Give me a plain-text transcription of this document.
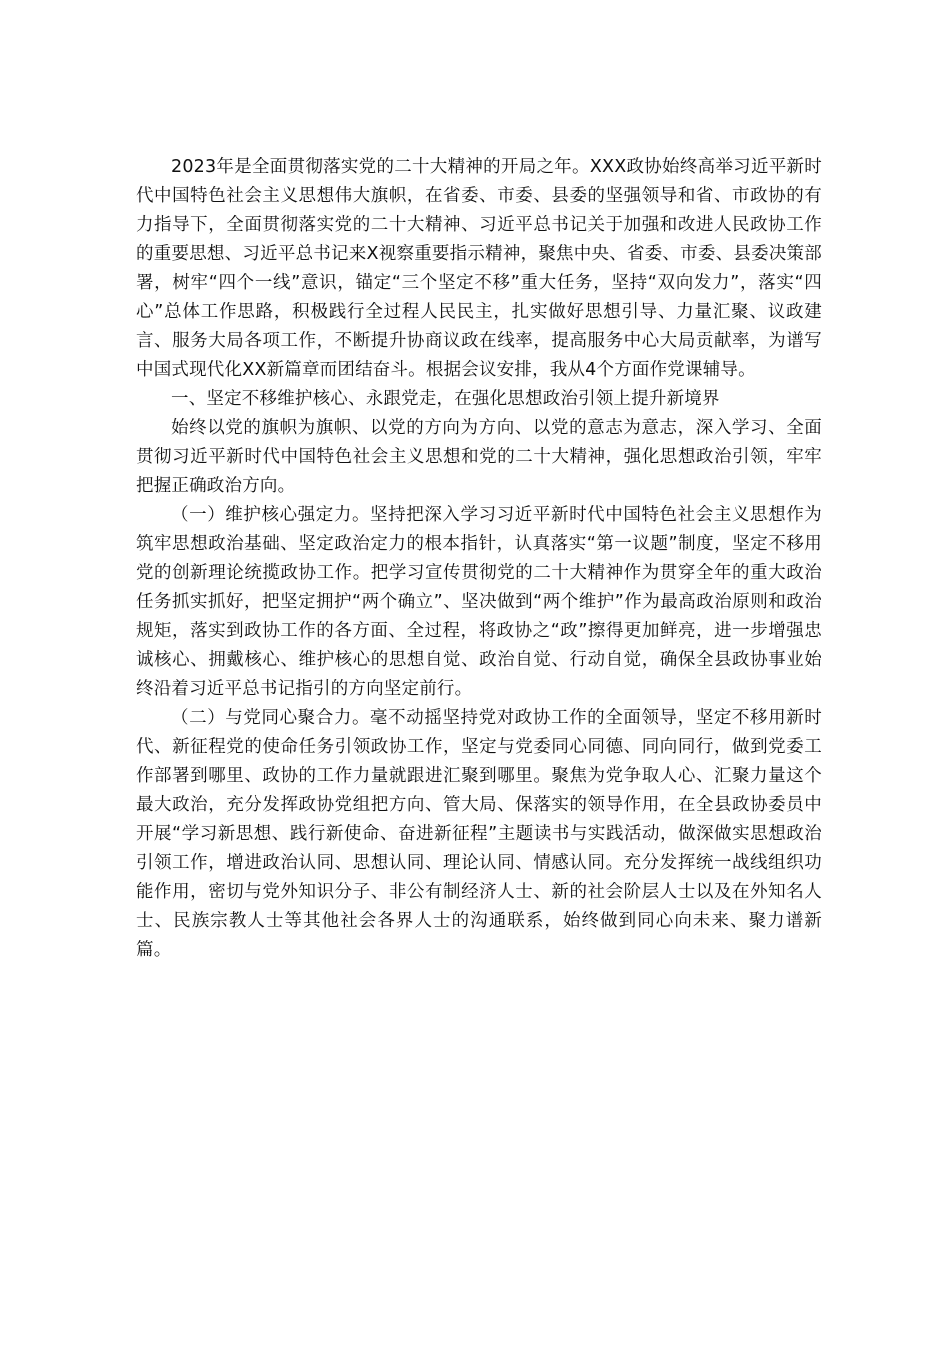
2023年是全面贯彻落实党的二十大精神的开局之年。XXX政协始终高举习近平新时代中国特色社会主义思想伟大旗帜，在省委、市委、县委的坚强领导和省、市政协的有力指导下，全面贯彻落实党的二十大精神、习近平总书记关于加强和改进人民政协工作的重要思想、习近平总书记来X视察重要指示精神，聚焦中央、省委、市委、县委决策部署，树牢“四个一线”意识，锚定“三个坚定不移”重大任务，坚持“双向发力”，落实“四心”总体工作思路，积极践行全过程人民民主，扎实做好思想引导、力量汇聚、议政建言、服务大局各项工作，不断提升协商议政在线率，提高服务中心大局贡献率，为谱写中国式现代化XX新篇章而团结奋斗。根据会议安排，我从4个方面作党课辅导。

一、坚定不移维护核心、永跟党走，在强化思想政治引领上提升新境界

始终以党的旗帜为旗帜、以党的方向为方向、以党的意志为意志，深入学习、全面贯彻习近平新时代中国特色社会主义思想和党的二十大精神，强化思想政治引领，牢牢把握正确政治方向。

（一）维护核心强定力。坚持把深入学习习近平新时代中国特色社会主义思想作为筑牢思想政治基础、坚定政治定力的根本指针，认真落实“第一议题”制度，坚定不移用党的创新理论统揽政协工作。把学习宣传贯彻党的二十大精神作为贯穿全年的重大政治任务抓实抓好，把坚定拥护“两个确立”、坚决做到“两个维护”作为最高政治原则和政治规矩，落实到政协工作的各方面、全过程，将政协之“政”擦得更加鲜亮，进一步增强忠诚核心、拥戴核心、维护核心的思想自觉、政治自觉、行动自觉，确保全县政协事业始终沿着习近平总书记指引的方向坚定前行。

（二）与党同心聚合力。毫不动摇坚持党对政协工作的全面领导，坚定不移用新时代、新征程党的使命任务引领政协工作，坚定与党委同心同德、同向同行，做到党委工作部署到哪里、政协的工作力量就跟进汇聚到哪里。聚焦为党争取人心、汇聚力量这个最大政治，充分发挥政协党组把方向、管大局、保落实的领导作用，在全县政协委员中开展“学习新思想、践行新使命、奋进新征程”主题读书与实践活动，做深做实思想政治引领工作，增进政治认同、思想认同、理论认同、情感认同。充分发挥统一战线组织功能作用，密切与党外知识分子、非公有制经济人士、新的社会阶层人士以及在外知名人士、民族宗教人士等其他社会各界人士的沟通联系，始终做到同心向未来、聚力谱新篇。
